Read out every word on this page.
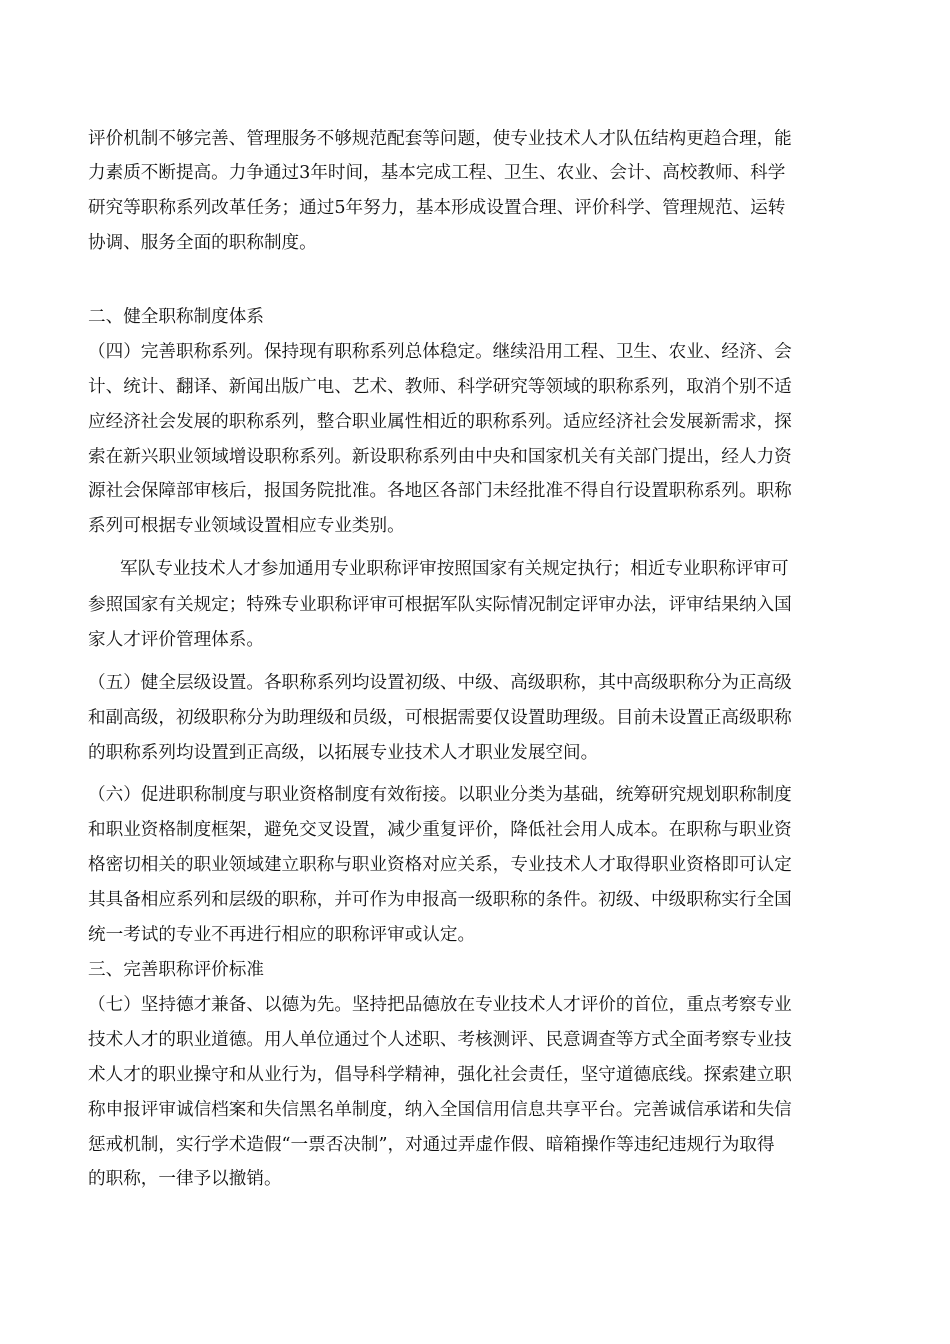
评价机制不够完善、管理服务不够规范配套等问题，使专业技术人才队伍结构更趋合理，能
力素质不断提高。力争通过3年时间，基本完成工程、卫生、农业、会计、高校教师、科学
研究等职称系列改革任务；通过5年努力，基本形成设置合理、评价科学、管理规范、运转
协调、服务全面的职称制度。
二、健全职称制度体系
（四）完善职称系列。保持现有职称系列总体稳定。继续沿用工程、卫生、农业、经济、会
计、统计、翻译、新闻出版广电、艺术、教师、科学研究等领域的职称系列，取消个别不适
应经济社会发展的职称系列，整合职业属性相近的职称系列。适应经济社会发展新需求，探
索在新兴职业领域增设职称系列。新设职称系列由中央和国家机关有关部门提出，经人力资
源社会保障部审核后，报国务院批准。各地区各部门未经批准不得自行设置职称系列。职称
系列可根据专业领域设置相应专业类别。
军队专业技术人才参加通用专业职称评审按照国家有关规定执行；相近专业职称评审可
参照国家有关规定；特殊专业职称评审可根据军队实际情况制定评审办法，评审结果纳入国
家人才评价管理体系。
（五）健全层级设置。各职称系列均设置初级、中级、高级职称，其中高级职称分为正高级
和副高级，初级职称分为助理级和员级，可根据需要仅设置助理级。目前未设置正高级职称
的职称系列均设置到正高级，以拓展专业技术人才职业发展空间。
（六）促进职称制度与职业资格制度有效衔接。以职业分类为基础，统筹研究规划职称制度
和职业资格制度框架，避免交叉设置，减少重复评价，降低社会用人成本。在职称与职业资
格密切相关的职业领域建立职称与职业资格对应关系，专业技术人才取得职业资格即可认定
其具备相应系列和层级的职称，并可作为申报高一级职称的条件。初级、中级职称实行全国
统一考试的专业不再进行相应的职称评审或认定。
三、完善职称评价标准
（七）坚持德才兼备、以德为先。坚持把品德放在专业技术人才评价的首位，重点考察专业
技术人才的职业道德。用人单位通过个人述职、考核测评、民意调查等方式全面考察专业技
术人才的职业操守和从业行为，倡导科学精神，强化社会责任，坚守道德底线。探索建立职
称申报评审诚信档案和失信黑名单制度，纳入全国信用信息共享平台。完善诚信承诺和失信
惩戒机制，实行学术造假“一票否决制”，对通过弄虚作假、暗箱操作等违纪违规行为取得
的职称，一律予以撤销。
